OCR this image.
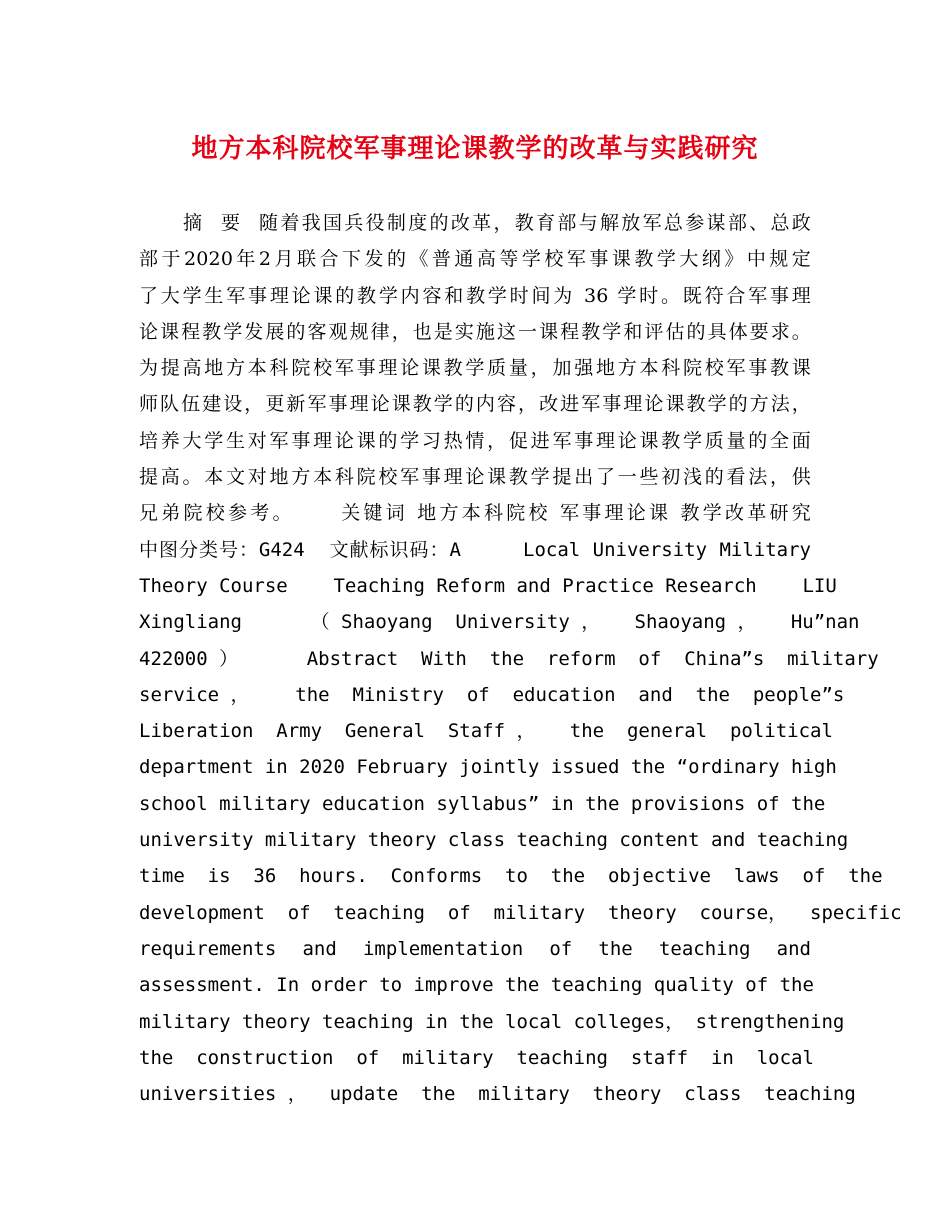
地方本科院校军事理论课教学的改革与实践研究
摘  要  随着我国兵役制度的改革，教育部与解放军总参谋部、总政
部于2020年2月联合下发的《普通高等学校军事课教学大纲》中规定
了大学生军事理论课的教学内容和教学时间为 36 学时。既符合军事理
论课程教学发展的客观规律，也是实施这一课程教学和评估的具体要求。
为提高地方本科院校军事理论课教学质量，加强地方本科院校军事教课
师队伍建设，更新军事理论课教学的内容，改进军事理论课教学的方法，
培养大学生对军事理论课的学习热情，促进军事理论课教学质量的全面
提高。本文对地方本科院校军事理论课教学提出了一些初浅的看法，供
兄弟院校参考。     关键词 地方本科院校 军事理论课 教学改革研究
中图分类号：G424  文献标识码：A     Local University Military
Theory Course    Teaching Reform and Practice Research    LIU
Xingliang      （ Shaoyang  University ，   Shaoyang ，   Hu”nan
422000 ）      Abstract  With  the  reform  of  China”s  military
service ，    the  Ministry  of  education  and  the  people”s
Liberation  Army  General  Staff ，   the  general  political
department in 2020 February jointly issued the “ordinary high
school military education syllabus” in the provisions of the
university military theory class teaching content and teaching
time  is  36  hours.  Conforms  to  the  objective  laws  of  the
development  of  teaching  of  military  theory  course，  specific
requirements  and  implementation  of  the  teaching  and
assessment. In order to improve the teaching quality of the
military theory teaching in the local colleges， strengthening
the  construction  of  military  teaching  staff  in  local
universities ，  update  the  military  theory  class  teaching
